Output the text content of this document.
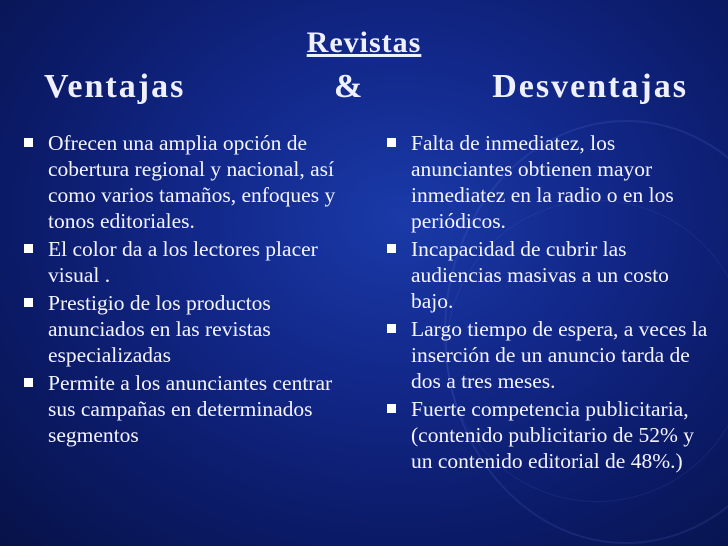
Revistas
Ventajas	&	Desventajas
Ofrecen una amplia opción de cobertura regional y nacional, así como varios tamaños, enfoques y tonos editoriales.
El color da a los lectores placer visual .
Prestigio de los productos anunciados en las revistas especializadas
Permite a los anunciantes centrar sus campañas en determinados segmentos
Falta de inmediatez, los anunciantes obtienen mayor inmediatez en la radio o en los periódicos.
Incapacidad de cubrir las audiencias masivas a un costo bajo.
Largo tiempo de espera, a veces la inserción de un anuncio tarda de dos a tres meses.
Fuerte competencia publicitaria, (contenido publicitario de 52% y un contenido editorial de 48%.)
